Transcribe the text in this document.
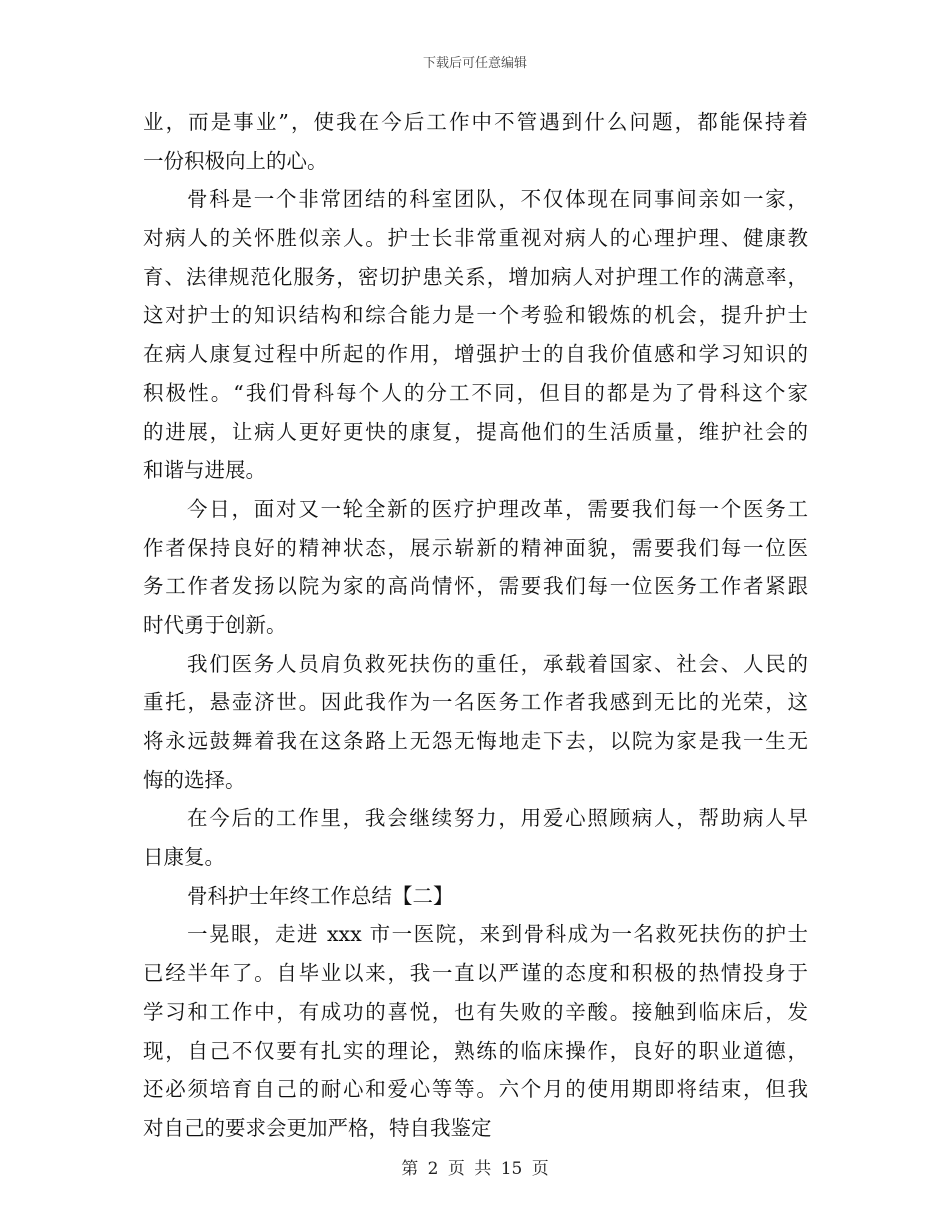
下载后可任意编辑
业，而是事业”，使我在今后工作中不管遇到什么问题，都能保持着
一份积极向上的心。
骨科是一个非常团结的科室团队，不仅体现在同事间亲如一家，
对病人的关怀胜似亲人。护士长非常重视对病人的心理护理、健康教
育、法律规范化服务，密切护患关系，增加病人对护理工作的满意率，
这对护士的知识结构和综合能力是一个考验和锻炼的机会，提升护士
在病人康复过程中所起的作用，增强护士的自我价值感和学习知识的
积极性。“我们骨科每个人的分工不同，但目的都是为了骨科这个家
的进展，让病人更好更快的康复，提高他们的生活质量，维护社会的
和谐与进展。
今日，面对又一轮全新的医疗护理改革，需要我们每一个医务工
作者保持良好的精神状态，展示崭新的精神面貌，需要我们每一位医
务工作者发扬以院为家的高尚情怀，需要我们每一位医务工作者紧跟
时代勇于创新。
我们医务人员肩负救死扶伤的重任，承载着国家、社会、人民的
重托，悬壶济世。因此我作为一名医务工作者我感到无比的光荣，这
将永远鼓舞着我在这条路上无怨无悔地走下去，以院为家是我一生无
悔的选择。
在今后的工作里，我会继续努力，用爱心照顾病人，帮助病人早
日康复。
骨科护士年终工作总结【二】
一晃眼，走进 xxx 市一医院，来到骨科成为一名救死扶伤的护士
已经半年了。自毕业以来，我一直以严谨的态度和积极的热情投身于
学习和工作中，有成功的喜悦，也有失败的辛酸。接触到临床后，发
现，自己不仅要有扎实的理论，熟练的临床操作，良好的职业道德，
还必须培育自己的耐心和爱心等等。六个月的使用期即将结束，但我
对自己的要求会更加严格，特自我鉴定
第 2 页 共 15 页
